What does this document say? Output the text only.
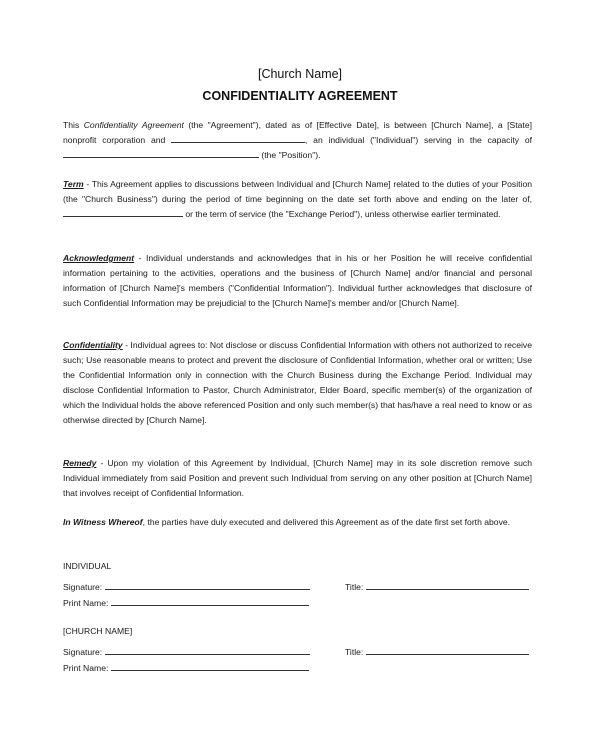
[Church Name]
CONFIDENTIALITY AGREEMENT

This Confidentiality Agreement (the "Agreement"), dated as of [Effective Date], is between [Church Name], a [State] nonprofit corporation and	, an individual ("Individual") serving in the capacity of  (the "Position").

Term - This Agreement applies to discussions between Individual and [Church Name] related to the duties of your Position (the "Church Business") during the period of time beginning on the date set forth above and ending on the later of,  or the term of service (the "Exchange Period"), unless otherwise earlier terminated.

Acknowledgment - Individual understands and acknowledges that in his or her Position he will receive confidential information pertaining to the activities, operations and the business of [Church Name] and/or financial and personal information of [Church Name]'s members ("Confidential Information"). Individual further acknowledges that disclosure of such Confidential Information may be prejudicial to the [Church Name]'s member and/or [Church Name].

Confidentiality - Individual agrees to: Not disclose or discuss Confidential Information with others not authorized to receive such; Use reasonable means to protect and prevent the disclosure of Confidential Information, whether oral or written; Use the Confidential Information only in connection with the Church Business during the Exchange Period. Individual may disclose Confidential Information to Pastor, Church Administrator, Elder Board, specific member(s) of the organization of which the Individual holds the above referenced Position and only such member(s) that has/have a real need to know or as otherwise directed by [Church Name].

Remedy - Upon my violation of this Agreement by Individual, [Church Name] may in its sole discretion remove such Individual immediately from said Position and prevent such Individual from serving on any other position at [Church Name] that involves receipt of Confidential Information.

In Witness Whereof, the parties have duly executed and delivered this Agreement as of the date first set forth above.

INDIVIDUAL
Signature:	Title:
Print Name:
[CHURCH NAME]
Signature:	Title:
Print Name:
